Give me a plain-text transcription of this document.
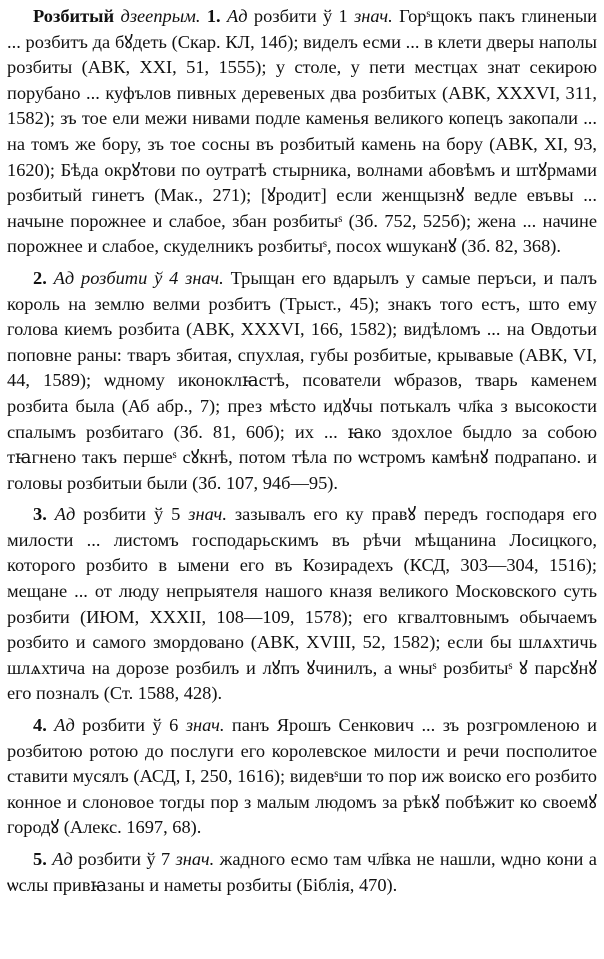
Розбитый дзеепрым. 1. Ад розбити ў 1 знач. Горˢщокъ пакъ глиненыи ... розбитъ да бꙋдеть (Скар. КЛ, 14б); виделъ есми ... в клети дверы наполы розбиты (АВК, XXI, 51, 1555); у столе, у пети местцах знат секирою порубано ... куфълов пивных деревеных два розбитых (АВК, XXXVI, 311, 1582); зъ тое ели межи нивами подле каменья великого копецъ закопали ... на томъ же бору, зъ тое сосны въ розбитый камень на бору (АВК, XI, 93, 1620); Бѣда окрꙋтови по оутратѣ стырника, волнами абовѣмъ и штꙋрмами розбитый гинетъ (Мак., 271); [ꙋродит] если женщызнꙋ ведле евъвы ... начыне порожнее и слабое, збан розбитыˢ (Зб. 752, 525б); жена ... начине порожнее и слабое, скуделникъ розбитыˢ, посох ѡшуканꙋ (Зб. 82, 368).

2. Ад розбити ў 4 знач. Трыщан его вдарылъ у самые перъси, и палъ король на землю велми розбитъ (Трыст., 45); знакъ того естъ, што ему голова киемъ розбита (АВК, XXXVI, 166, 1582); видѣломъ ... на Овдотьи поповне раны: тваръ збитая, спухлая, губы розбитые, крывавые (АВК, VI, 44, 1589); ѡдному иконоклꙗстѣ, псователи ѡбразов, тварь каменем розбита была (Аб абр., 7); през мѣсто идꙋчы потькалъ чл҃ка з высокости спалымъ розбитаго (Зб. 81, 60б); их ... ꙗко здохлое быдло за собою тꙗгнено такъ першеˢ сꙋкнѣ, потом тѣла по ѡстромъ камѣнꙋ подрапано. и головы розбитыи были (Зб. 107, 94б—95).

3. Ад розбити ў 5 знач. зазывалъ его ку правꙋ передъ господаря его милости ... листомъ господарьскимъ въ рѣчи мѣщанина Лосицкого, которого розбито в ымени его въ Козирадехъ (КСД, 303—304, 1516); мещане ... от люду непрыятеля нашого кназя великого Московского суть розбити (ИЮМ, XXXII, 108—109, 1578); его кгвалтовнымъ обычаемъ розбито и самого змордовано (АВК, XVIII, 52, 1582); если бы шлѧхтичь шлѧхтича на дорозе розбилъ и лꙋпъ ꙋчинилъ, а ѡныˢ розбитыˢ ꙋ парсꙋнꙋ его позналъ (Ст. 1588, 428).

4. Ад розбити ў 6 знач. панъ Ярошъ Сенкович ... зъ розгромленою и розбитою ротою до послуги его королевское милости и речи посполитое ставити мусялъ (АСД, I, 250, 1616); видевˢши то пор иж воиско его розбито конное и слоновое тогды пор з малым людомъ за рѣкꙋ побѣжит ко своемꙋ городꙋ (Алекс. 1697, 68).

5. Ад розбити ў 7 знач. жадного есмо там чл҃вка не нашли, ѡдно кони а ѡслы привꙗзаны и наметы розбиты (Біблія, 470).
